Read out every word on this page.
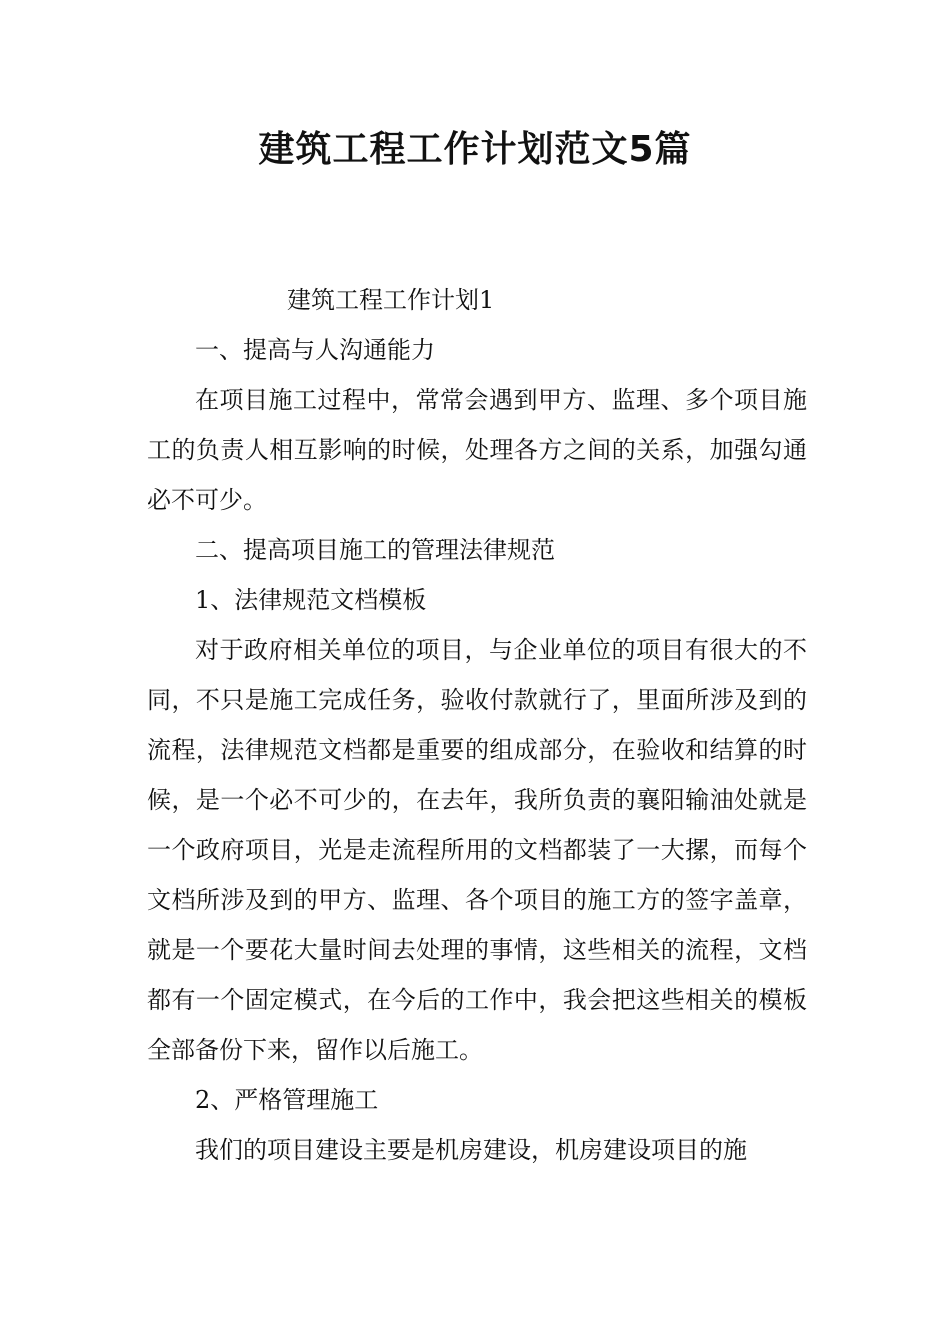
建筑工程工作计划范文5篇

建筑工程工作计划1

一、提高与人沟通能力

在项目施工过程中，常常会遇到甲方、监理、多个项目施工的负责人相互影响的时候，处理各方之间的关系，加强勾通必不可少。

二、提高项目施工的管理法律规范

1、法律规范文档模板

对于政府相关单位的项目，与企业单位的项目有很大的不同，不只是施工完成任务，验收付款就行了，里面所涉及到的流程，法律规范文档都是重要的组成部分，在验收和结算的时候，是一个必不可少的，在去年，我所负责的襄阳输油处就是一个政府项目，光是走流程所用的文档都装了一大摞，而每个文档所涉及到的甲方、监理、各个项目的施工方的签字盖章，就是一个要花大量时间去处理的事情，这些相关的流程，文档都有一个固定模式，在今后的工作中，我会把这些相关的模板全部备份下来，留作以后施工。

2、严格管理施工

我们的项目建设主要是机房建设，机房建设项目的施
